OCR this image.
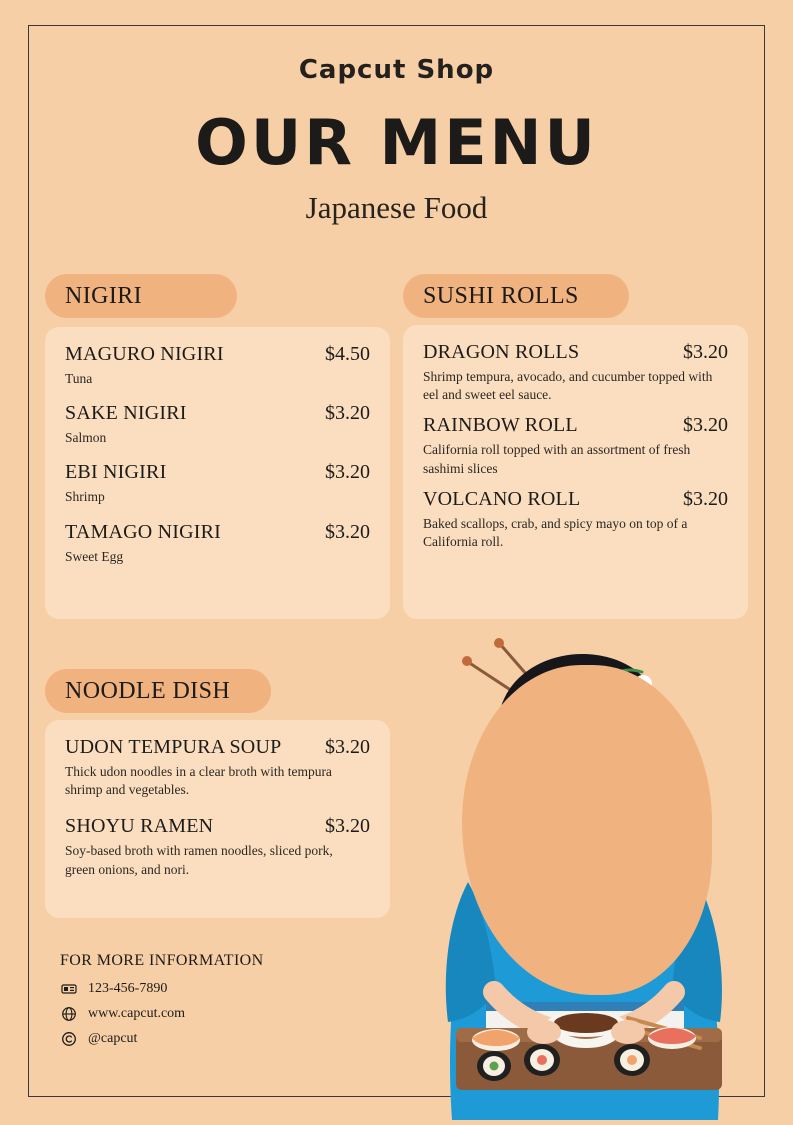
Capcut Shop
OUR MENU
Japanese Food
NIGIRI
MAGURO NIGIRI	$4.50
Tuna
SAKE NIGIRI	$3.20
Salmon
EBI NIGIRI	$3.20
Shrimp
TAMAGO NIGIRI	$3.20
Sweet Egg
SUSHI ROLLS
DRAGON ROLLS	$3.20
Shrimp tempura, avocado, and cucumber topped with eel and sweet eel sauce.
RAINBOW ROLL	$3.20
California roll topped with an assortment of fresh sashimi slices
VOLCANO ROLL	$3.20
Baked scallops, crab, and spicy mayo on top of a California roll.
NOODLE DISH
UDON TEMPURA SOUP	$3.20
Thick udon noodles in a clear broth with tempura shrimp and vegetables.
SHOYU RAMEN	$3.20
Soy-based broth with ramen noodles, sliced pork, green onions, and nori.
FOR MORE INFORMATION
123-456-7890
www.capcut.com
@capcut
